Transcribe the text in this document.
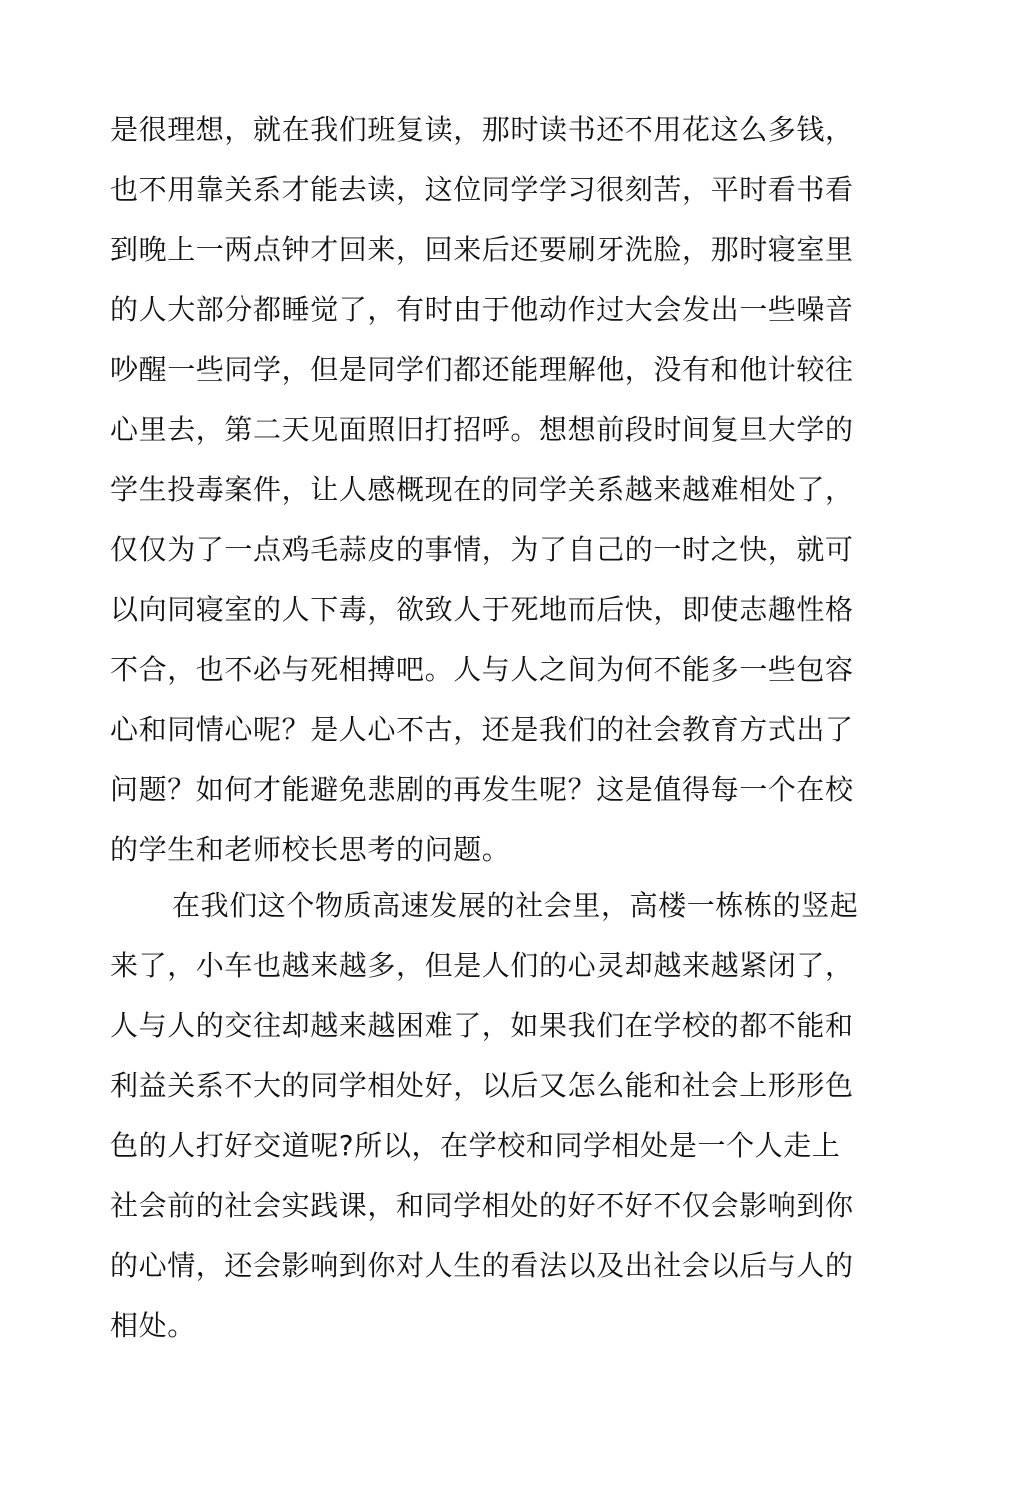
是很理想，就在我们班复读，那时读书还不用花这么多钱，
也不用靠关系才能去读，这位同学学习很刻苦，平时看书看
到晚上一两点钟才回来，回来后还要刷牙洗脸，那时寝室里
的人大部分都睡觉了，有时由于他动作过大会发出一些噪音
吵醒一些同学，但是同学们都还能理解他，没有和他计较往
心里去，第二天见面照旧打招呼。想想前段时间复旦大学的
学生投毒案件，让人感概现在的同学关系越来越难相处了，
仅仅为了一点鸡毛蒜皮的事情，为了自己的一时之快，就可
以向同寝室的人下毒，欲致人于死地而后快，即使志趣性格
不合，也不必与死相搏吧。人与人之间为何不能多一些包容
心和同情心呢？是人心不古，还是我们的社会教育方式出了
问题？如何才能避免悲剧的再发生呢？这是值得每一个在校
的学生和老师校长思考的问题。
在我们这个物质高速发展的社会里，高楼一栋栋的竖起
来了，小车也越来越多，但是人们的心灵却越来越紧闭了，
人与人的交往却越来越困难了，如果我们在学校的都不能和
利益关系不大的同学相处好，以后又怎么能和社会上形形色
色的人打好交道呢?所以，在学校和同学相处是一个人走上
社会前的社会实践课，和同学相处的好不好不仅会影响到你
的心情，还会影响到你对人生的看法以及出社会以后与人的
相处。
